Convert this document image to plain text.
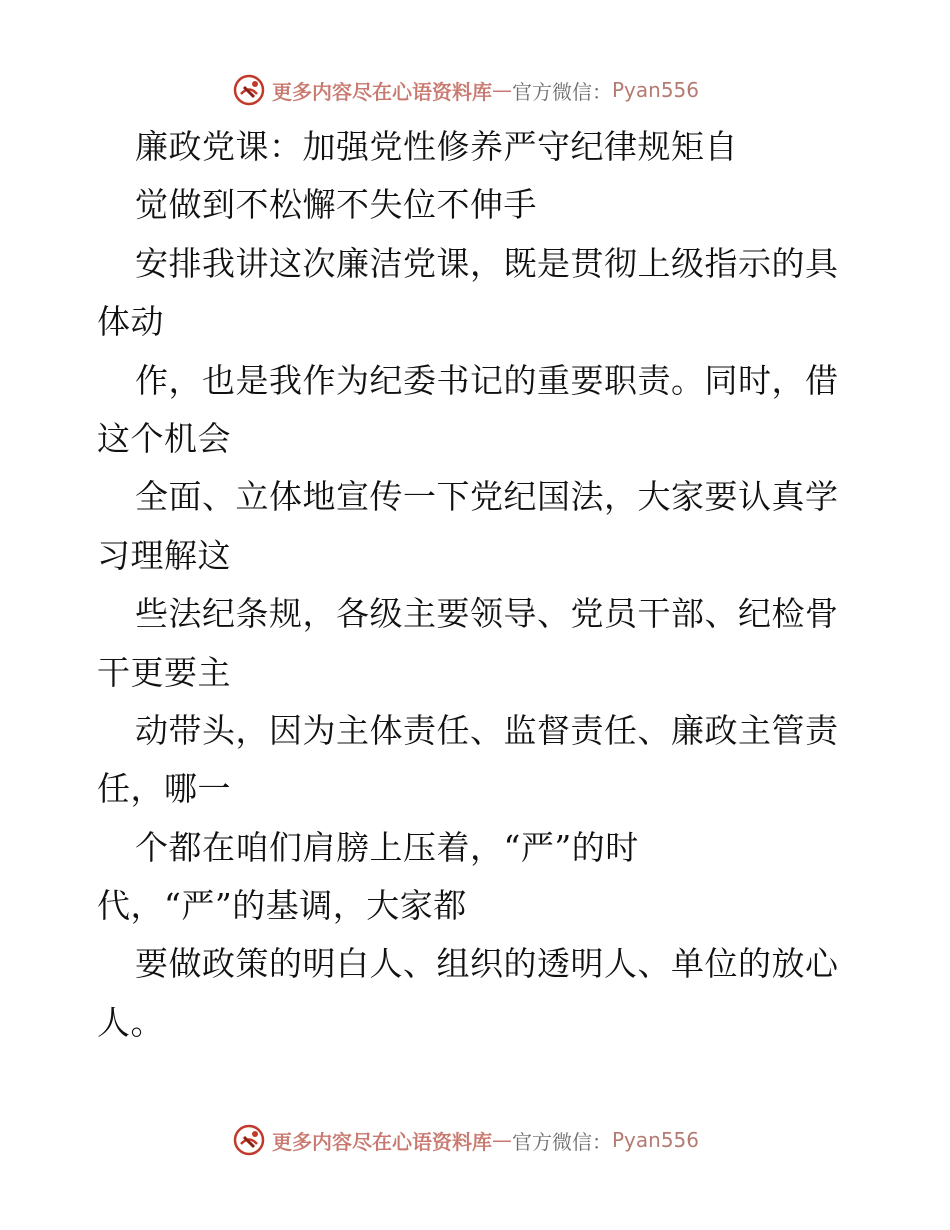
更多内容尽在心语资料库 — 官方微信： Pyan556
廉政党课：加强党性修养严守纪律规矩自
觉做到不松懈不失位不伸手
安排我讲这次廉洁党课，既是贯彻上级指示的具
体动
作，也是我作为纪委书记的重要职责。同时，借
这个机会
全面、立体地宣传一下党纪国法，大家要认真学
习理解这
些法纪条规，各级主要领导、党员干部、纪检骨
干更要主
动带头，因为主体责任、监督责任、廉政主管责
任，哪一
个都在咱们肩膀上压着，“严”的时
代，“严”的基调，大家都
要做政策的明白人、组织的透明人、单位的放心
人。
更多内容尽在心语资料库 — 官方微信： Pyan556
